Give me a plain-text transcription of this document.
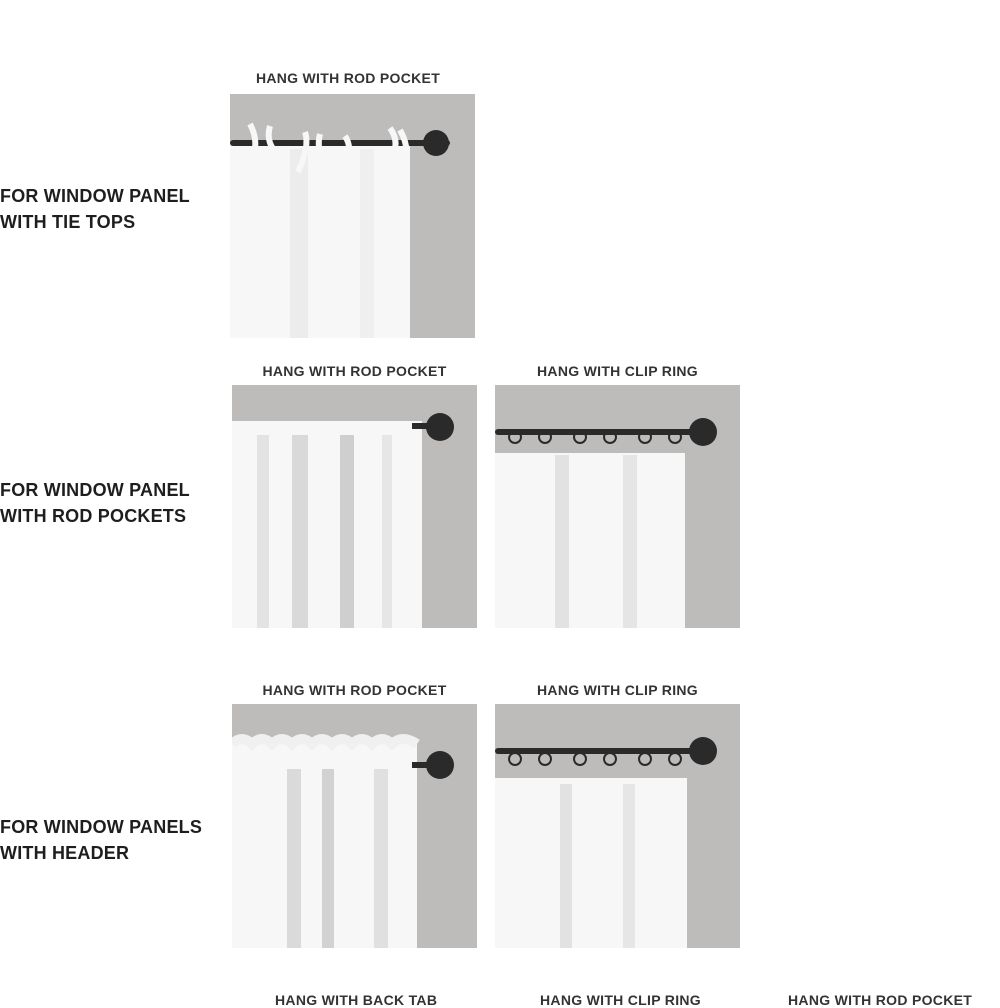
FOR WINDOW PANEL
WITH TIE TOPS
HANG WITH ROD POCKET
FOR WINDOW PANEL
WITH ROD POCKETS
HANG WITH ROD POCKET	HANG WITH CLIP RING
FOR WINDOW PANELS
WITH HEADER
HANG WITH ROD POCKET	HANG WITH CLIP RING
HANG WITH BACK TAB	HANG WITH CLIP RING	HANG WITH ROD POCKET
